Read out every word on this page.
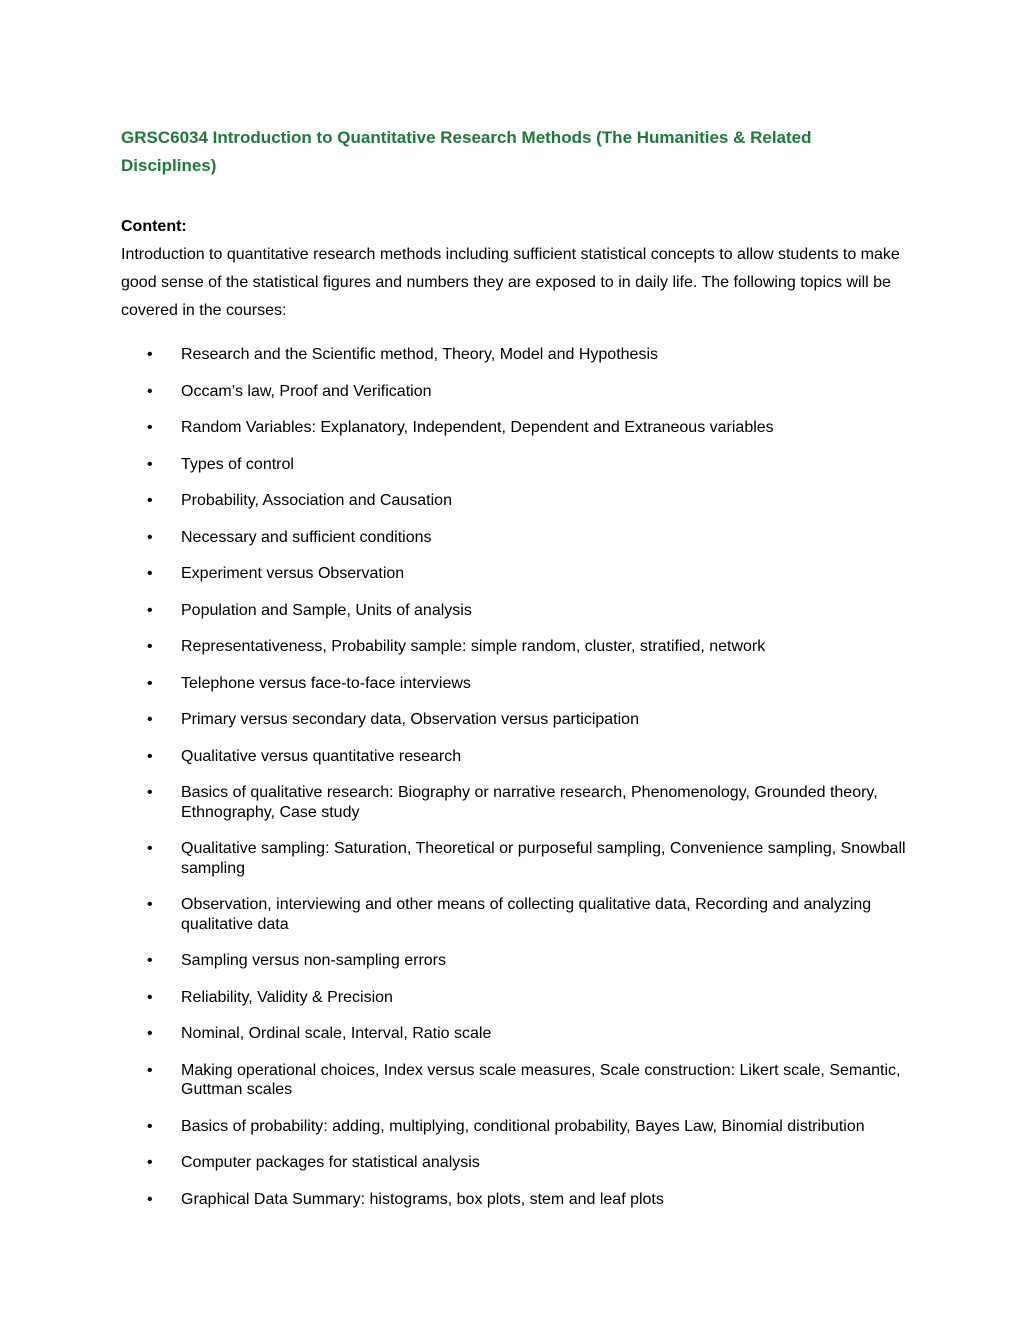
GRSC6034 Introduction to Quantitative Research Methods (The Humanities & Related Disciplines)

Content:

Introduction to quantitative research methods including sufficient statistical concepts to allow students to make good sense of the statistical figures and numbers they are exposed to in daily life. The following topics will be covered in the courses:

• Research and the Scientific method, Theory, Model and Hypothesis
• Occam’s law, Proof and Verification
• Random Variables: Explanatory, Independent, Dependent and Extraneous variables
• Types of control
• Probability, Association and Causation
• Necessary and sufficient conditions
• Experiment versus Observation
• Population and Sample, Units of analysis
• Representativeness, Probability sample: simple random, cluster, stratified, network
• Telephone versus face-to-face interviews
• Primary versus secondary data, Observation versus participation
• Qualitative versus quantitative research
• Basics of qualitative research: Biography or narrative research, Phenomenology, Grounded theory, Ethnography, Case study
• Qualitative sampling: Saturation, Theoretical or purposeful sampling, Convenience sampling, Snowball sampling
• Observation, interviewing and other means of collecting qualitative data, Recording and analyzing qualitative data
• Sampling versus non-sampling errors
• Reliability, Validity & Precision
• Nominal, Ordinal scale, Interval, Ratio scale
• Making operational choices, Index versus scale measures, Scale construction: Likert scale, Semantic, Guttman scales
• Basics of probability: adding, multiplying, conditional probability, Bayes Law, Binomial distribution
• Computer packages for statistical analysis
• Graphical Data Summary: histograms, box plots, stem and leaf plots
